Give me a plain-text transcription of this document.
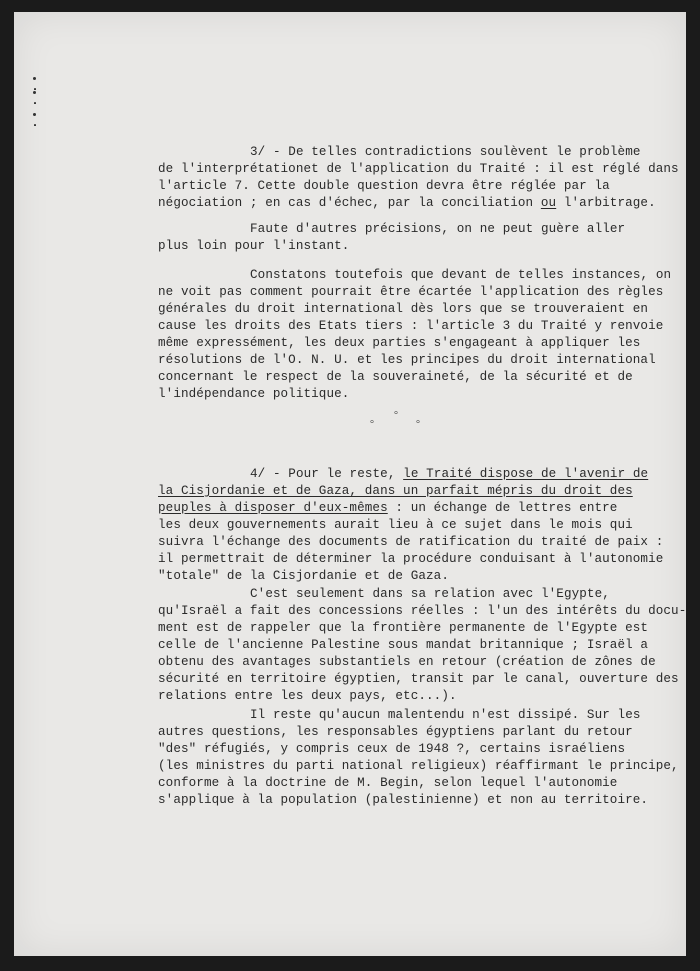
3/ - De telles contradictions soulèvent le problème

de l'interprétationet de l'application du Traité : il est réglé dans

l'article 7. Cette double question devra être réglée par la

négociation ; en cas d'échec, par la conciliation ou l'arbitrage.

Faute d'autres précisions, on ne peut guère aller

plus loin pour l'instant.

Constatons toutefois que devant de telles instances, on

ne voit pas comment pourrait être écartée l'application des règles

générales du droit international dès lors que se trouveraient en

cause les droits des Etats tiers : l'article 3 du Traité y renvoie

même expressément, les deux parties s'engageant à appliquer les

résolutions de l'O. N. U. et les principes du droit international

concernant le respect de la souveraineté, de la sécurité et de

l'indépendance politique.

°
°	°

4/ - Pour le reste, le Traité dispose de l'avenir de

la Cisjordanie et de Gaza, dans un parfait mépris du droit des

peuples à disposer d'eux-mêmes : un échange de lettres entre

les deux gouvernements aurait lieu à ce sujet dans le mois qui

suivra l'échange des documents de ratification du traité de paix :

il permettrait de déterminer la procédure conduisant à l'autonomie

"totale" de la Cisjordanie et de Gaza.

C'est seulement dans sa relation avec l'Egypte,

qu'Israël a fait des concessions réelles : l'un des intérêts du docu-

ment est de rappeler que la frontière permanente de l'Egypte est

celle de l'ancienne Palestine sous mandat britannique ; Israël a

obtenu des avantages substantiels en retour (création de zônes de

sécurité en territoire égyptien, transit par le canal, ouverture des

relations entre les deux pays, etc...).

Il reste qu'aucun malentendu n'est dissipé. Sur les

autres questions, les responsables égyptiens parlant du retour

"des" réfugiés, y compris ceux de 1948 ?, certains israéliens

(les ministres du parti national religieux) réaffirmant le principe,

conforme à la doctrine de M. Begin, selon lequel l'autonomie

s'applique à la population (palestinienne) et non au territoire.
